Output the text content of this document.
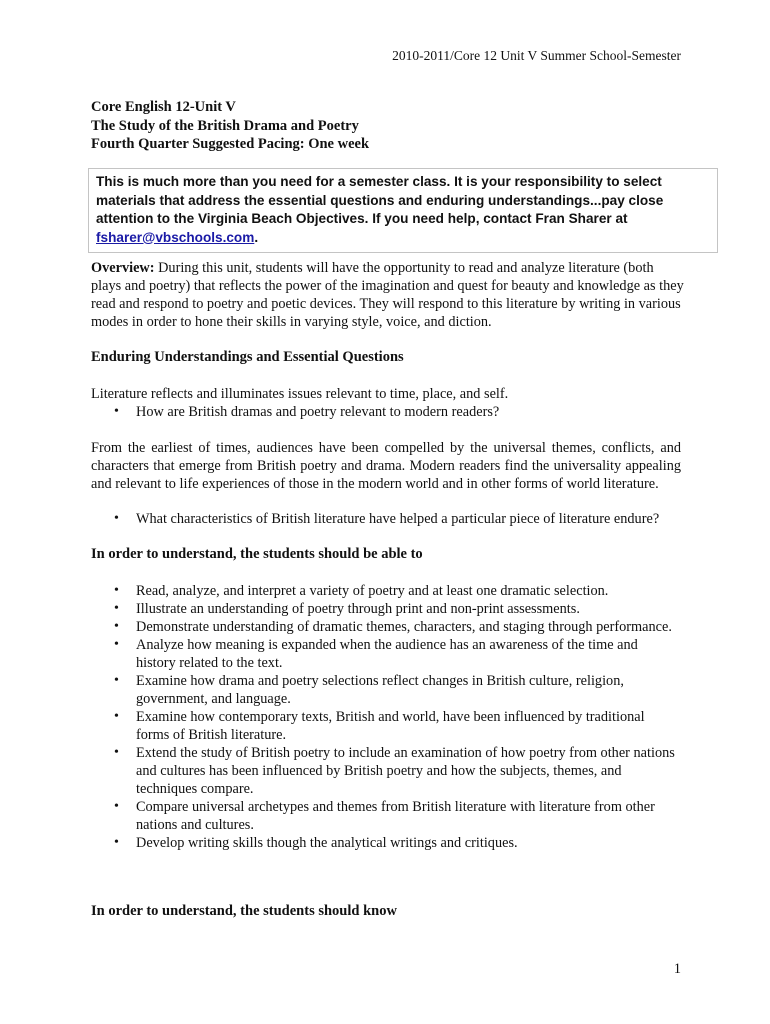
2010-2011/Core 12 Unit V Summer School-Semester
Core English 12-Unit V
The Study of the British Drama and Poetry
Fourth Quarter Suggested Pacing: One week
This is much more than you need for a semester class. It is your responsibility to select materials that address the essential questions and enduring understandings...pay close attention to the Virginia Beach Objectives. If you need help, contact Fran Sharer at fsharer@vbschools.com.
Overview: During this unit, students will have the opportunity to read and analyze literature (both plays and poetry) that reflects the power of the imagination and quest for beauty and knowledge as they read and respond to poetry and poetic devices. They will respond to this literature by writing in various modes in order to hone their skills in varying style, voice, and diction.
Enduring Understandings and Essential Questions
Literature reflects and illuminates issues relevant to time, place, and self.
• How are British dramas and poetry relevant to modern readers?
From the earliest of times, audiences have been compelled by the universal themes, conflicts, and characters that emerge from British poetry and drama. Modern readers find the universality appealing and relevant to life experiences of those in the modern world and in other forms of world literature.
• What characteristics of British literature have helped a particular piece of literature endure?
In order to understand, the students should be able to
• Read, analyze, and interpret a variety of poetry and at least one dramatic selection.
• Illustrate an understanding of poetry through print and non-print assessments.
• Demonstrate understanding of dramatic themes, characters, and staging through performance.
• Analyze how meaning is expanded when the audience has an awareness of the time and history related to the text.
• Examine how drama and poetry selections reflect changes in British culture, religion, government, and language.
• Examine how contemporary texts, British and world, have been influenced by traditional forms of British literature.
• Extend the study of British poetry to include an examination of how poetry from other nations and cultures has been influenced by British poetry and how the subjects, themes, and techniques compare.
• Compare universal archetypes and themes from British literature with literature from other nations and cultures.
• Develop writing skills though the analytical writings and critiques.
In order to understand, the students should know
1
